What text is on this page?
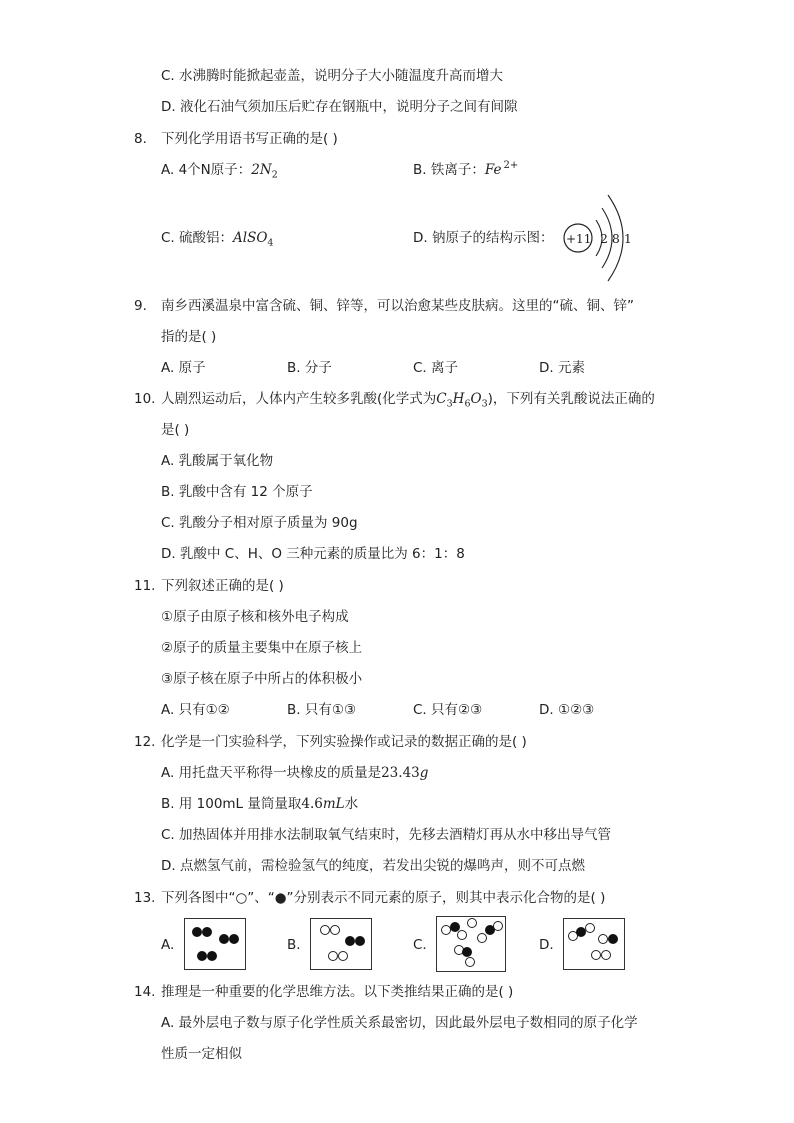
C. 水沸腾时能掀起壶盖，说明分子大小随温度升高而增大
D. 液化石油气须加压后贮存在钢瓶中，说明分子之间有间隙
8. 下列化学用语书写正确的是( )
A. 4个N原子：$2N_2$	B. 铁离子：Fe $^{2+}$
C. 硫酸铝：AlSO$_4$	D. 钠原子的结构示图： +11 2 8 1
9. 南乡西溪温泉中富含硫、铜、锌等，可以治愈某些皮肤病。这里的“硫、铜、锌”
指的是( )
A. 原子	B. 分子	C. 离子	D. 元素
10. 人剧烈运动后，人体内产生较多乳酸(化学式为$C_3H_6O_3$)，下列有关乳酸说法正确的
是( )
A. 乳酸属于氧化物
B. 乳酸中含有 12 个原子
C. 乳酸分子相对原子质量为 90g
D. 乳酸中 C、H、O 三种元素的质量比为 6：1：8
11. 下列叙述正确的是( )
①原子由原子核和核外电子构成
②原子的质量主要集中在原子核上
③原子核在原子中所占的体积极小
A. 只有①②	B. 只有①③	C. 只有②③	D. ①②③
12. 化学是一门实验科学，下列实验操作或记录的数据正确的是( )
A. 用托盘天平称得一块橡皮的质量是23.43g
B. 用 100mL 量筒量取4.6mL水
C. 加热固体并用排水法制取氧气结束时，先移去酒精灯再从水中移出导气管
D. 点燃氢气前，需检验氢气的纯度，若发出尖锐的爆鸣声，则不可点燃
13. 下列各图中“○”、“●”分别表示不同元素的原子，则其中表示化合物的是( )
A.	B.	C.	D.
14. 推理是一种重要的化学思维方法。以下类推结果正确的是( )
A. 最外层电子数与原子化学性质关系最密切，因此最外层电子数相同的原子化学
性质一定相似
